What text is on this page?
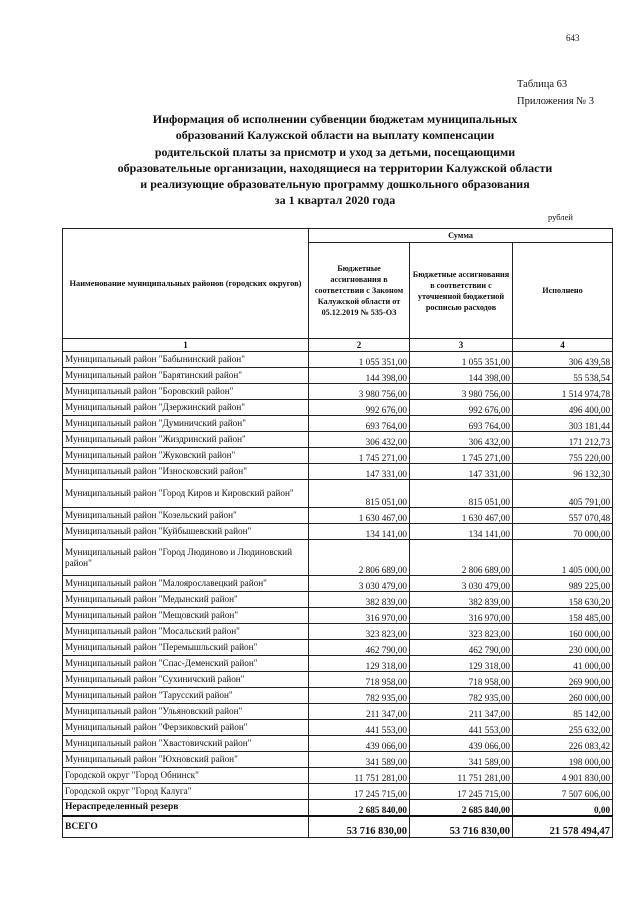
643
Таблица 63
Приложения № 3
Информация об исполнении субвенции бюджетам муниципальных
образований Калужской области на выплату компенсации
родительской платы за присмотр и уход за детьми, посещающими
образовательные организации, находящиеся на территории Калужской области
и реализующие образовательную программу дошкольного образования
за 1 квартал 2020 года
рублей
Наименование муниципальных районов (городских округов)	Сумма		
	Бюджетные ассигнования в соответствии с Законом Калужской области от 05.12.2019 № 535-ОЗ	Бюджетные ассигнования в соответствии с уточненной бюджетной росписью расходов	Исполнено
1	2	3	4
Муниципальный район "Бабынинский район"	1 055 351,00	1 055 351,00	306 439,58
Муниципальный район "Барятинский район"	144 398,00	144 398,00	55 538,54
Муниципальный район "Боровский район"	3 980 756,00	3 980 756,00	1 514 974,78
Муниципальный район "Дзержинский район"	992 676,00	992 676,00	496 400,00
Муниципальный район "Думиничский район"	693 764,00	693 764,00	303 181,44
Муниципальный район "Жиздринский район"	306 432,00	306 432,00	171 212,73
Муниципальный район "Жуковский район"	1 745 271,00	1 745 271,00	755 220,00
Муниципальный район "Износковский район"	147 331,00	147 331,00	96 132,30
Муниципальный район "Город Киров и Кировский район"	815 051,00	815 051,00	405 791,00
Муниципальный район "Козельский район"	1 630 467,00	1 630 467,00	557 070,48
Муниципальный район "Куйбышевский район"	134 141,00	134 141,00	70 000,00
Муниципальный район "Город Людиново и Людиновский район"	2 806 689,00	2 806 689,00	1 405 000,00
Муниципальный район "Малоярославецкий район"	3 030 479,00	3 030 479,00	989 225,00
Муниципальный район "Медынский район"	382 839,00	382 839,00	158 630,20
Муниципальный район "Мещовский район"	316 970,00	316 970,00	158 485,00
Муниципальный район "Мосальский район"	323 823,00	323 823,00	160 000,00
Муниципальный район "Перемышльский район"	462 790,00	462 790,00	230 000,00
Муниципальный район "Спас-Деменский район"	129 318,00	129 318,00	41 000,00
Муниципальный район "Сухиничский район"	718 958,00	718 958,00	269 900,00
Муниципальный район "Тарусский район"	782 935,00	782 935,00	260 000,00
Муниципальный район "Ульяновский район"	211 347,00	211 347,00	85 142,00
Муниципальный район "Ферзиковский район"	441 553,00	441 553,00	255 632,00
Муниципальный район "Хвастовичский район"	439 066,00	439 066,00	226 083,42
Муниципальный район "Юхновский район"	341 589,00	341 589,00	198 000,00
Городской округ "Город Обнинск"	11 751 281,00	11 751 281,00	4 901 830,00
Городской округ "Город Калуга"	17 245 715,00	17 245 715,00	7 507 606,00
Нераспределенный резерв	2 685 840,00	2 685 840,00	0,00
ВСЕГО	53 716 830,00	53 716 830,00	21 578 494,47
